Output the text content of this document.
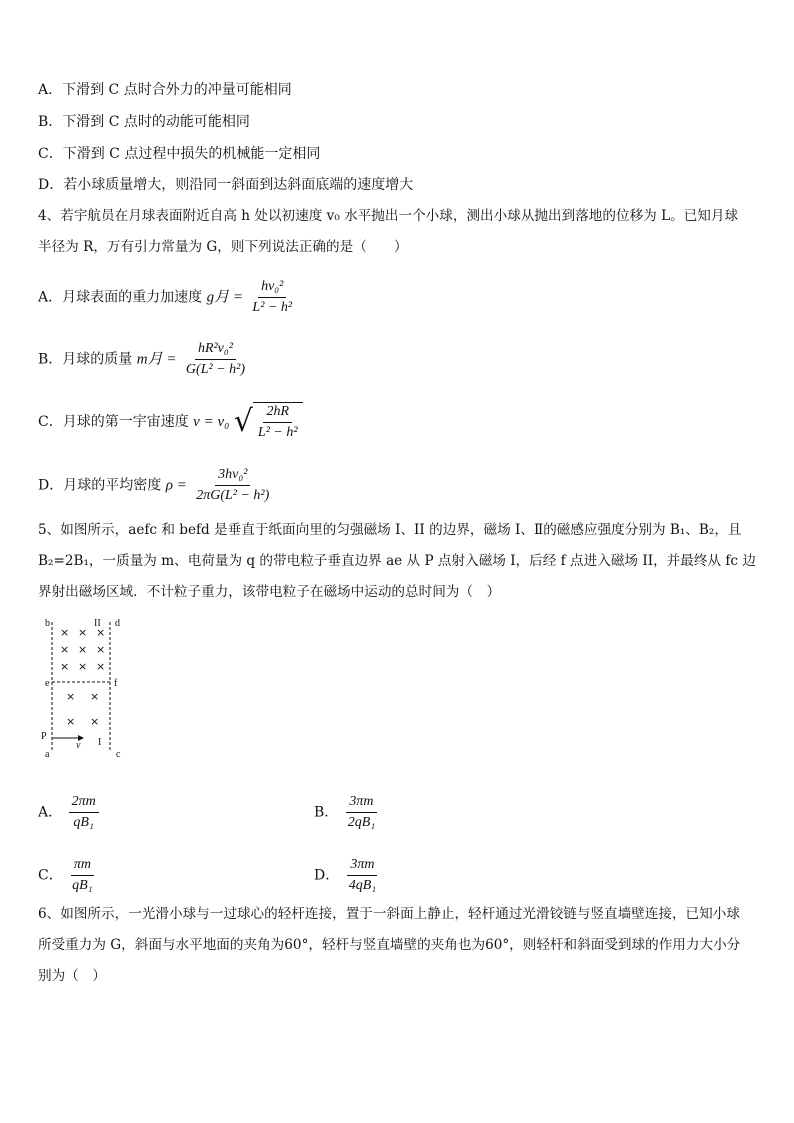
A．下滑到 C 点时合外力的冲量可能相同
B．下滑到 C 点时的动能可能相同
C．下滑到 C 点过程中损失的机械能一定相同
D．若小球质量增大，则沿同一斜面到达斜面底端的速度增大
4、若宇航员在月球表面附近自高 h 处以初速度 v₀ 水平抛出一个小球，测出小球从抛出到落地的位移为 L。已知月球
半径为 R，万有引力常量为 G，则下列说法正确的是（　　）
A．月球表面的重力加速度 g月 = $\frac{\text{hv₀²}}{\text{L² − h²}}$
B．月球的质量 m月 = $\frac{\text{hR²v₀²}}{\text{G(L² − h²)}}$
C．月球的第一宇宙速度 v = v₀ √ $\frac{2hR}{\text{L² − h²}}$
D．月球的平均密度 $\rho = \frac{\text{3hv₀²}}{\text{2πG(L² − h²)}}$
5、如图所示，aefc 和 befd 是垂直于纸面向里的匀强磁场 I、II 的边界，磁场 I、Ⅱ的磁感应强度分别为 B₁、B₂，且
B₂=2B₁，一质量为 m、电荷量为 q 的带电粒子垂直边界 ae 从 P 点射入磁场 I，后经 f 点进入磁场 II，并最终从 fc 边
界射出磁场区域．不计粒子重力，该带电粒子在磁场中运动的总时间为（　）
b	II d
e	f
P
v I
a	c
× × ×
× × ×
× × ×
× ×
× ×
A． $\frac{2\pi m}{\text{qB₁}}$	B． $\frac{3\pi m}{\text{2qB₁}}$
C． $\frac{\pi m}{\text{qB₁}}$	D． $\frac{3\pi m}{\text{4qB₁}}$
6、如图所示，一光滑小球与一过球心的轻杆连接，置于一斜面上静止，轻杆通过光滑铰链与竖直墙壁连接，已知小球
所受重力为 G，斜面与水平地面的夹角为60°，轻杆与竖直墙壁的夹角也为60°，则轻杆和斜面受到球的作用力大小分
别为（　）
